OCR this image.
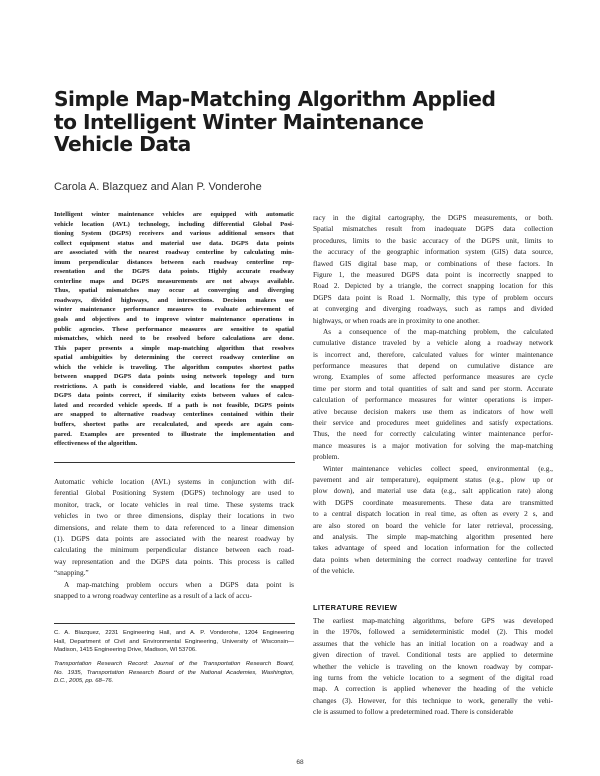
Simple Map-Matching Algorithm Applied
to Intelligent Winter Maintenance
Vehicle Data
Carola A. Blazquez and Alan P. Vonderohe
Intelligent winter maintenance vehicles are equipped with automatic
vehicle location (AVL) technology, including differential Global Posi-
tioning System (DGPS) receivers and various additional sensors that
collect equipment status and material use data. DGPS data points
are associated with the nearest roadway centerline by calculating min-
imum perpendicular distances between each roadway centerline rep-
resentation and the DGPS data points. Highly accurate roadway
centerline maps and DGPS measurements are not always available.
Thus, spatial mismatches may occur at converging and diverging
roadways, divided highways, and intersections. Decision makers use
winter maintenance performance measures to evaluate achievement of
goals and objectives and to improve winter maintenance operations in
public agencies. These performance measures are sensitive to spatial
mismatches, which need to be resolved before calculations are done.
This paper presents a simple map-matching algorithm that resolves
spatial ambiguities by determining the correct roadway centerline on
which the vehicle is traveling. The algorithm computes shortest paths
between snapped DGPS data points using network topology and turn
restrictions. A path is considered viable, and locations for the snapped
DGPS data points correct, if similarity exists between values of calcu-
lated and recorded vehicle speeds. If a path is not feasible, DGPS points
are snapped to alternative roadway centerlines contained within their
buffers, shortest paths are recalculated, and speeds are again com-
pared. Examples are presented to illustrate the implementation and
effectiveness of the algorithm.
Automatic vehicle location (AVL) systems in conjunction with dif-
ferential Global Positioning System (DGPS) technology are used to
monitor, track, or locate vehicles in real time. These systems track
vehicles in two or three dimensions, display their locations in two
dimensions, and relate them to data referenced to a linear dimension
(1). DGPS data points are associated with the nearest roadway by
calculating the minimum perpendicular distance between each road-
way representation and the DGPS data points. This process is called
“snapping.”
A map-matching problem occurs when a DGPS data point is
snapped to a wrong roadway centerline as a result of a lack of accu-
C. A. Blazquez, 2231 Engineering Hall, and A. P. Vonderohe, 1204 Engineering
Hall, Department of Civil and Environmental Engineering, University of Wisconsin—
Madison, 1415 Engineering Drive, Madison, WI 53706.
Transportation Research Record: Journal of the Transportation Research Board,
No. 1935, Transportation Research Board of the National Academies, Washington,
D.C., 2005, pp. 68–76.
racy in the digital cartography, the DGPS measurements, or both.
Spatial mismatches result from inadequate DGPS data collection
procedures, limits to the basic accuracy of the DGPS unit, limits to
the accuracy of the geographic information system (GIS) data source,
flawed GIS digital base map, or combinations of these factors. In
Figure 1, the measured DGPS data point is incorrectly snapped to
Road 2. Depicted by a triangle, the correct snapping location for this
DGPS data point is Road 1. Normally, this type of problem occurs
at converging and diverging roadways, such as ramps and divided
highways, or when roads are in proximity to one another.
As a consequence of the map-matching problem, the calculated
cumulative distance traveled by a vehicle along a roadway network
is incorrect and, therefore, calculated values for winter maintenance
performance measures that depend on cumulative distance are
wrong. Examples of some affected performance measures are cycle
time per storm and total quantities of salt and sand per storm. Accurate
calculation of performance measures for winter operations is imper-
ative because decision makers use them as indicators of how well
their service and procedures meet guidelines and satisfy expectations.
Thus, the need for correctly calculating winter maintenance perfor-
mance measures is a major motivation for solving the map-matching
problem.
Winter maintenance vehicles collect speed, environmental (e.g.,
pavement and air temperature), equipment status (e.g., plow up or
plow down), and material use data (e.g., salt application rate) along
with DGPS coordinate measurements. These data are transmitted
to a central dispatch location in real time, as often as every 2 s, and
are also stored on board the vehicle for later retrieval, processing,
and analysis. The simple map-matching algorithm presented here
takes advantage of speed and location information for the collected
data points when determining the correct roadway centerline for travel
of the vehicle.
LITERATURE REVIEW
The earliest map-matching algorithms, before GPS was developed
in the 1970s, followed a semideterministic model (2). This model
assumes that the vehicle has an initial location on a roadway and a
given direction of travel. Conditional tests are applied to determine
whether the vehicle is traveling on the known roadway by compar-
ing turns from the vehicle location to a segment of the digital road
map. A correction is applied whenever the heading of the vehicle
changes (3). However, for this technique to work, generally the vehi-
cle is assumed to follow a predetermined road. There is considerable
68
